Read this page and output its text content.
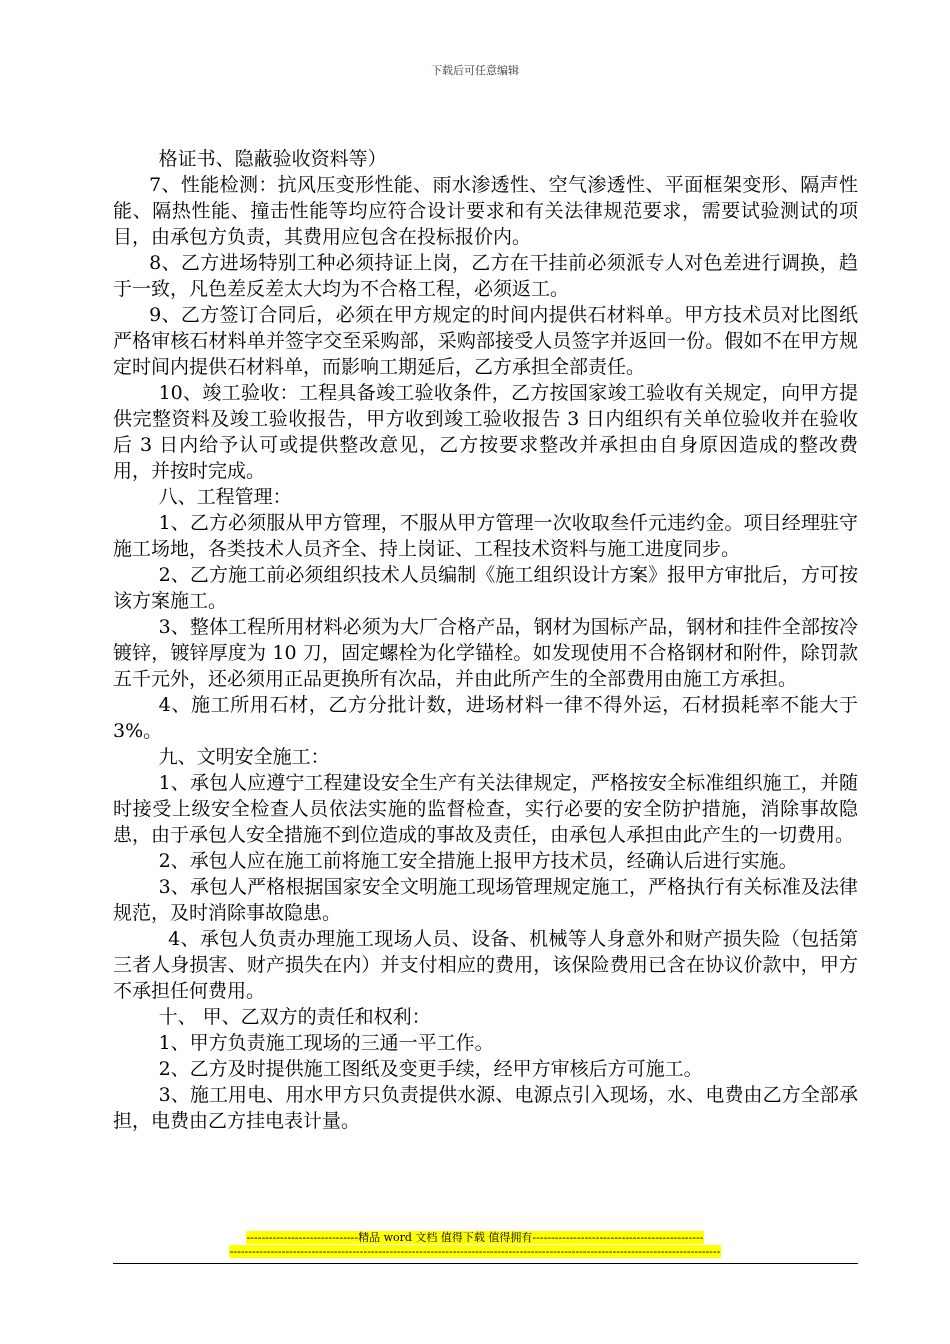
下载后可任意编辑

格证书、隐蔽验收资料等）

7、性能检测：抗风压变形性能、雨水渗透性、空气渗透性、平面框架变形、隔声性能、隔热性能、撞击性能等均应符合设计要求和有关法律规范要求，需要试验测试的项目，由承包方负责，其费用应包含在投标报价内。

8、乙方进场特别工种必须持证上岗，乙方在干挂前必须派专人对色差进行调换，趋于一致，凡色差反差太大均为不合格工程，必须返工。

9、乙方签订合同后，必须在甲方规定的时间内提供石材料单。甲方技术员对比图纸严格审核石材料单并签字交至采购部，采购部接受人员签字并返回一份。假如不在甲方规定时间内提供石材料单，而影响工期延后，乙方承担全部责任。

10、竣工验收：工程具备竣工验收条件，乙方按国家竣工验收有关规定，向甲方提供完整资料及竣工验收报告，甲方收到竣工验收报告 3 日内组织有关单位验收并在验收后 3 日内给予认可或提供整改意见，乙方按要求整改并承担由自身原因造成的整改费用，并按时完成。

八、工程管理：

1、乙方必须服从甲方管理，不服从甲方管理一次收取叁仟元违约金。项目经理驻守施工场地，各类技术人员齐全、持上岗证、工程技术资料与施工进度同步。

2、乙方施工前必须组织技术人员编制《施工组织设计方案》报甲方审批后，方可按该方案施工。

3、整体工程所用材料必须为大厂合格产品，钢材为国标产品，钢材和挂件全部按冷镀锌，镀锌厚度为 10 刀，固定螺栓为化学锚栓。如发现使用不合格钢材和附件，除罚款五千元外，还必须用正品更换所有次品，并由此所产生的全部费用由施工方承担。

4、施工所用石材，乙方分批计数，进场材料一律不得外运，石材损耗率不能大于 3%。

九、文明安全施工：

1、承包人应遵宁工程建设安全生产有关法律规定，严格按安全标准组织施工，并随时接受上级安全检查人员依法实施的监督检查，实行必要的安全防护措施，消除事故隐患，由于承包人安全措施不到位造成的事故及责任，由承包人承担由此产生的一切费用。

2、承包人应在施工前将施工安全措施上报甲方技术员，经确认后进行实施。

3、承包人严格根据国家安全文明施工现场管理规定施工，严格执行有关标准及法律规范，及时消除事故隐患。

4、承包人负责办理施工现场人员、设备、机械等人身意外和财产损失险（包括第三者人身损害、财产损失在内）并支付相应的费用，该保险费用已含在协议价款中，甲方不承担任何费用。

十、 甲、乙双方的责任和权利：

1、甲方负责施工现场的三通一平工作。

2、乙方及时提供施工图纸及变更手续，经甲方审核后方可施工。

3、施工用电、用水甲方只负责提供水源、电源点引入现场，水、电费由乙方全部承担，电费由乙方挂电表计量。

------------------------------精品 word 文档 值得下载 值得拥有----------------------------------------------
------------------------------------------------------------------------------------------------------------------------------------
